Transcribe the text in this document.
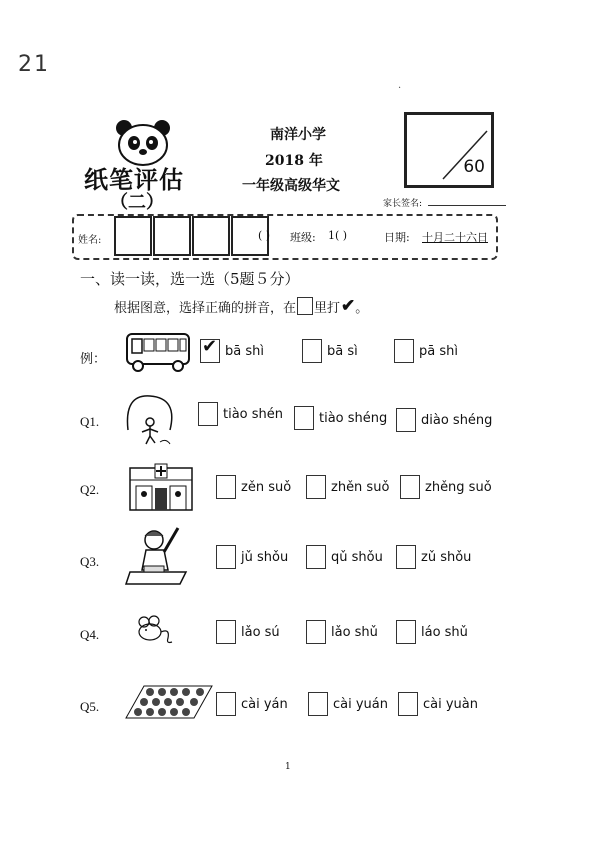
21
·
纸笔评估
（二）
南洋小学
2018 年
一年级高级华文
60
家长签名:
姓名:	( ) 班级: 1( )	日期: 十月二十六日
一、读一读，选一选（5题５分）
根据图意，选择正确的拼音，在 里打 ✔ 。
例：
✔ bā shì	bā sì	pā shì
Q1.	tiào shén	tiào shéng	diào shéng
Q2.	zěn suǒ	zhěn suǒ	zhěng suǒ
Q3.	jǔ shǒu	qǔ shǒu	zǔ shǒu
Q4.	lǎo sú	lǎo shǔ	láo shǔ
Q5.	cài yán	cài yuán	cài yuàn
1
